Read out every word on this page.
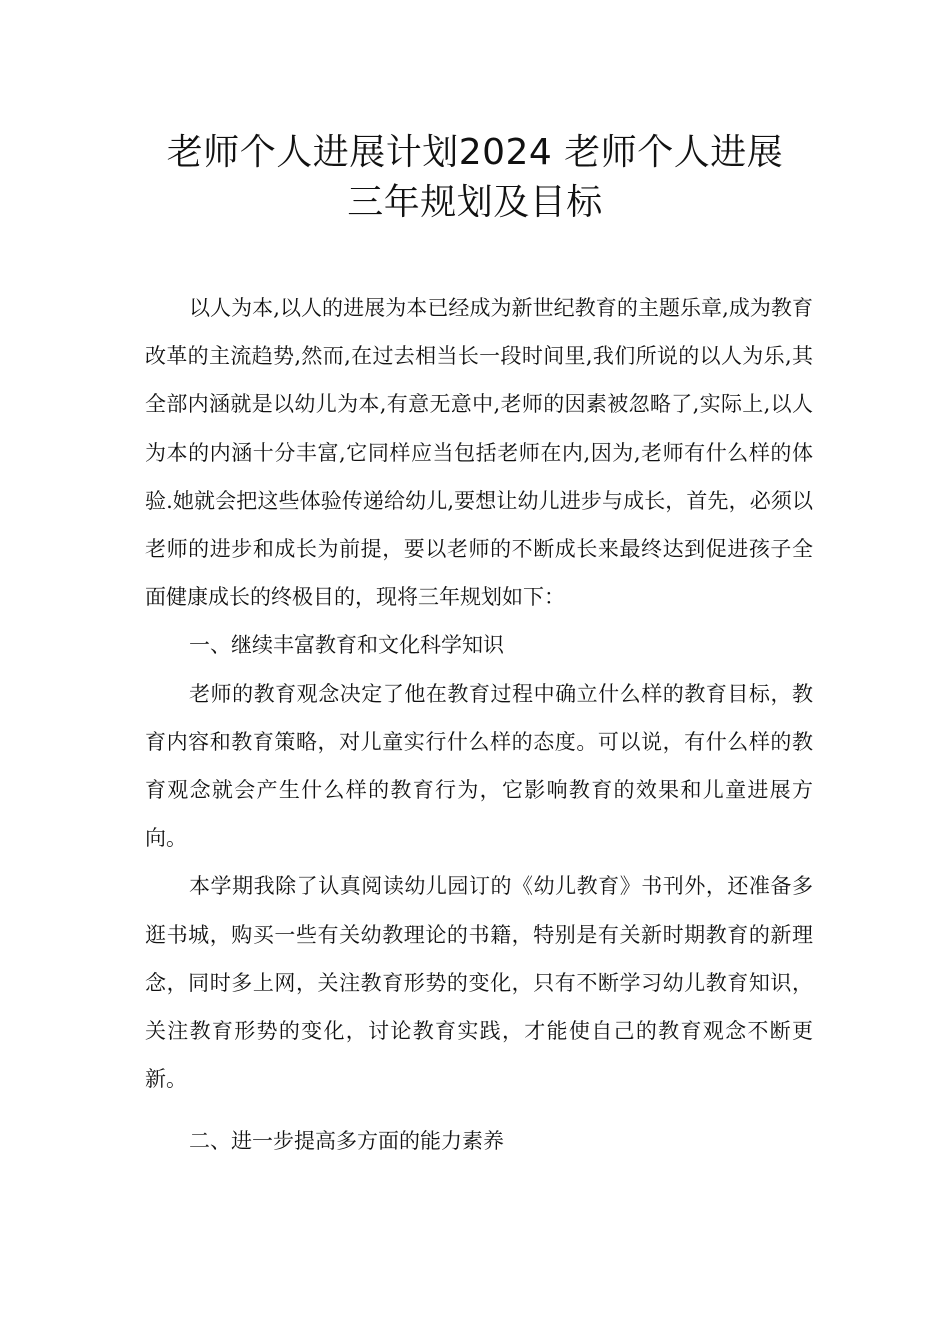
老师个人进展计划2024 老师个人进展
三年规划及目标

以人为本,以人的进展为本已经成为新世纪教育的主题乐章,成为教育改革的主流趋势,然而,在过去相当长一段时间里,我们所说的以人为乐,其全部内涵就是以幼儿为本,有意无意中,老师的因素被忽略了,实际上,以人为本的内涵十分丰富,它同样应当包括老师在内,因为,老师有什么样的体验.她就会把这些体验传递给幼儿,要想让幼儿进步与成长，首先，必须以老师的进步和成长为前提，要以老师的不断成长来最终达到促进孩子全面健康成长的终极目的，现将三年规划如下：

一、继续丰富教育和文化科学知识

老师的教育观念决定了他在教育过程中确立什么样的教育目标，教育内容和教育策略，对儿童实行什么样的态度。可以说，有什么样的教育观念就会产生什么样的教育行为，它影响教育的效果和儿童进展方向。

本学期我除了认真阅读幼儿园订的《幼儿教育》书刊外，还准备多逛书城，购买一些有关幼教理论的书籍，特别是有关新时期教育的新理念，同时多上网，关注教育形势的变化，只有不断学习幼儿教育知识，关注教育形势的变化，讨论教育实践，才能使自己的教育观念不断更新。

二、进一步提高多方面的能力素养
